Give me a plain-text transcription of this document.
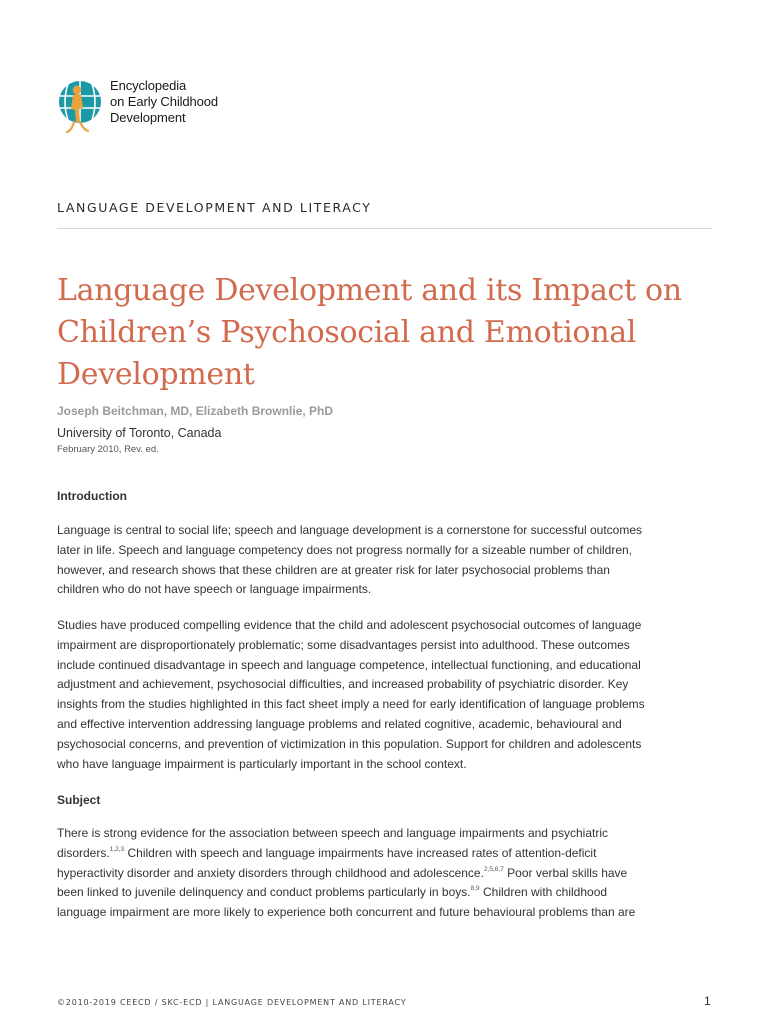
Encyclopedia
on Early Childhood
Development
LANGUAGE DEVELOPMENT AND LITERACY
Language Development and its Impact on
Children’s Psychosocial and Emotional
Development
Joseph Beitchman, MD, Elizabeth Brownlie, PhD
University of Toronto, Canada
February 2010, Rev. ed.
Introduction

Language is central to social life; speech and language development is a cornerstone for successful outcomes
later in life. Speech and language competency does not progress normally for a sizeable number of children,
however, and research shows that these children are at greater risk for later psychosocial problems than
children who do not have speech or language impairments.

Studies have produced compelling evidence that the child and adolescent psychosocial outcomes of language
impairment are disproportionately problematic; some disadvantages persist into adulthood. These outcomes
include continued disadvantage in speech and language competence, intellectual functioning, and educational
adjustment and achievement, psychosocial difficulties, and increased probability of psychiatric disorder. Key
insights from the studies highlighted in this fact sheet imply a need for early identification of language problems
and effective intervention addressing language problems and related cognitive, academic, behavioural and
psychosocial concerns, and prevention of victimization in this population. Support for children and adolescents
who have language impairment is particularly important in the school context.

Subject

There is strong evidence for the association between speech and language impairments and psychiatric
disorders.$^{1,2,3}$ Children with speech and language impairments have increased rates of attention-deficit
hyperactivity disorder and anxiety disorders through childhood and adolescence.$^{2,5,6,7}$ Poor verbal skills have
been linked to juvenile delinquency and conduct problems particularly in boys.$^{8,9}$ Children with childhood
language impairment are more likely to experience both concurrent and future behavioural problems than are

©2010-2019 CEECD / SKC-ECD | LANGUAGE DEVELOPMENT AND LITERACY	1
